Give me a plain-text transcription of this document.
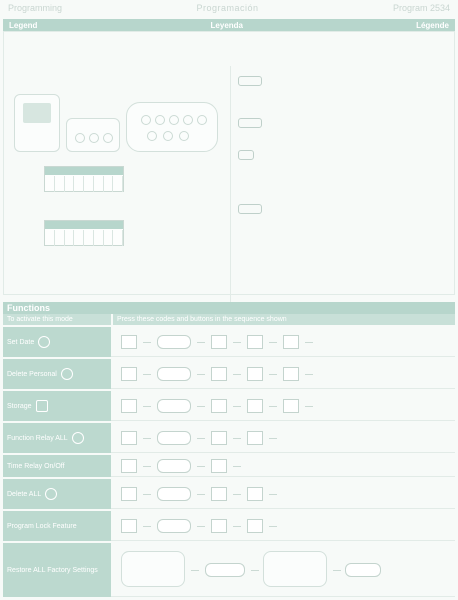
Programming	Programación	Program 2534
Legend	Leyenda	Légende
Functions
To activate this mode	Press these codes and buttons in the sequence shown
Set Date
Delete Personal
Storage
Function Relay ALL
Time Relay On/Off
Delete ALL
Program Lock Feature
Restore ALL Factory Settings
